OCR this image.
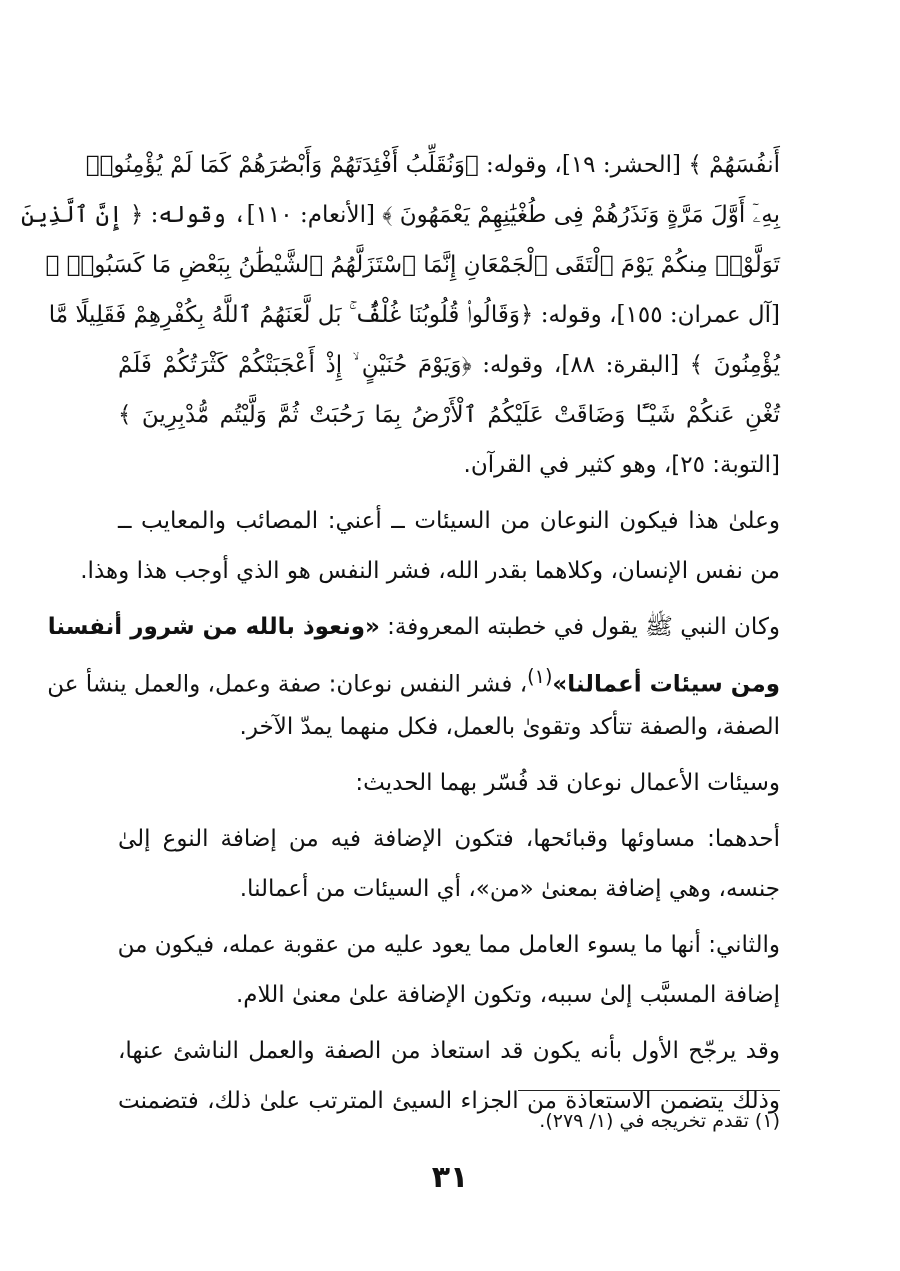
أَنفُسَهُمْ ﴾ [الحشر: ١٩]، وقوله: ﴿وَنُقَلِّبُ أَفْئِدَتَهُمْ وَأَبْصَٰرَهُمْ كَمَا لَمْ يُؤْمِنُوا۟
بِهِۦٓ أَوَّلَ مَرَّةٍ وَنَذَرُهُمْ فِى طُغْيَٰنِهِمْ يَعْمَهُونَ ﴾ [الأنعام: ١١٠]، وقوله: ﴿ إِنَّ ٱلَّذِينَ
تَوَلَّوْا۟ مِنكُمْ يَوْمَ ٱلْتَقَى ٱلْجَمْعَانِ إِنَّمَا ٱسْتَزَلَّهُمُ ٱلشَّيْطَٰنُ بِبَعْضِ مَا كَسَبُوا۟ ﴾
[آل عمران: ١٥٥]، وقوله: ﴿وَقَالُوا۟ قُلُوبُنَا غُلْفٌۢ ۚ بَل لَّعَنَهُمُ ٱللَّهُ بِكُفْرِهِمْ فَقَلِيلًا مَّا
يُؤْمِنُونَ ﴾ [البقرة: ٨٨]، وقوله: ﴿وَيَوْمَ حُنَيْنٍ ۙ إِذْ أَعْجَبَتْكُمْ كَثْرَتُكُمْ فَلَمْ
تُغْنِ عَنكُمْ شَيْـًٔا وَضَاقَتْ عَلَيْكُمُ ٱلْأَرْضُ بِمَا رَحُبَتْ ثُمَّ وَلَّيْتُم مُّدْبِرِينَ ﴾
[التوبة: ٢٥]، وهو كثير في القرآن.
وعلىٰ هذا فيكون النوعان من السيئات ــ أعني: المصائب والمعايب ــ
من نفس الإنسان، وكلاهما بقدر الله، فشر النفس هو الذي أوجب هذا وهذا.
وكان النبي ﷺ يقول في خطبته المعروفة: «ونعوذ بالله من شرور أنفسنا
ومن سيئات أعمالنا»$^{(١)}$، فشر النفس نوعان: صفة وعمل، والعمل ينشأ عن
الصفة، والصفة تتأكد وتقوىٰ بالعمل، فكل منهما يمدّ الآخر.
وسيئات الأعمال نوعان قد فُسّر بهما الحديث:
أحدهما: مساوئها وقبائحها، فتكون الإضافة فيه من إضافة النوع إلىٰ
جنسه، وهي إضافة بمعنىٰ «من»، أي السيئات من أعمالنا.
والثاني: أنها ما يسوء العامل مما يعود عليه من عقوبة عمله، فيكون من
إضافة المسبَّب إلىٰ سببه، وتكون الإضافة علىٰ معنىٰ اللام.
وقد يرجّح الأول بأنه يكون قد استعاذ من الصفة والعمل الناشئ عنها،
وذلك يتضمن الاستعاذة من الجزاء السيئ المترتب علىٰ ذلك، فتضمنت
(١) تقدم تخريجه في (١/ ٢٧٩).
٣١
